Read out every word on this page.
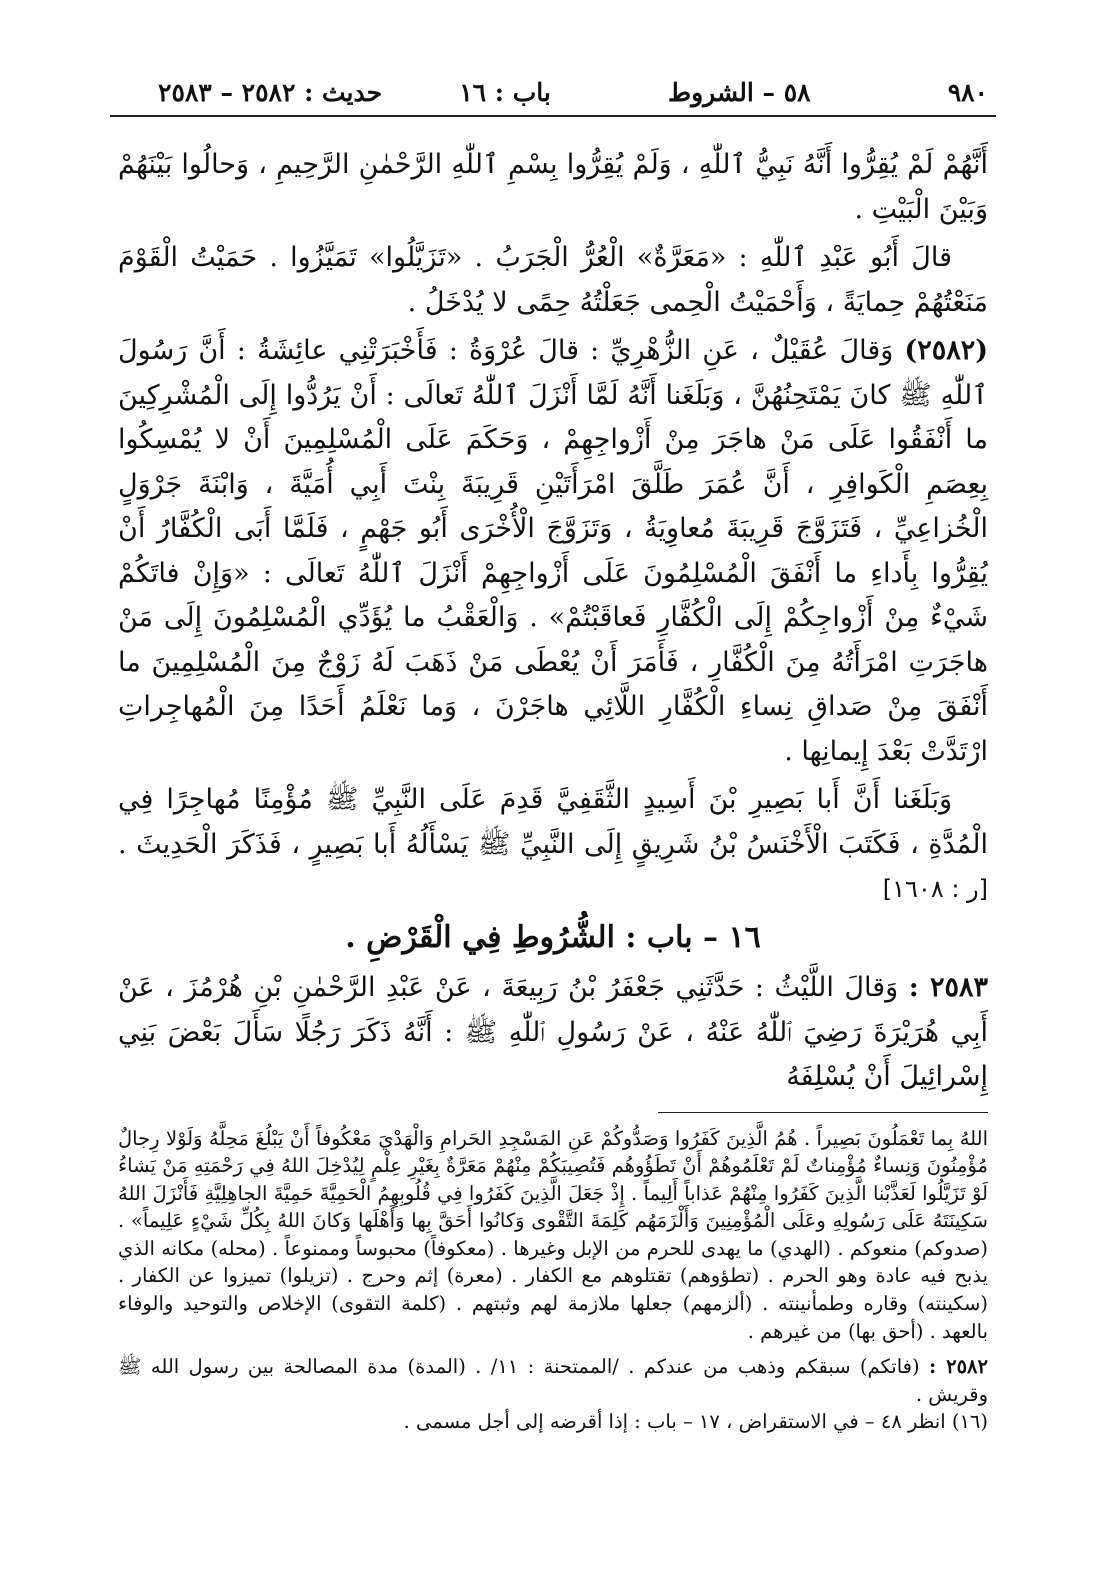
٩٨٠
٥٨ – الشروط
باب : ١٦
حديث : ٢٥٨٢ – ٢٥٨٣

أَنَّهُمْ لَمْ يُقِرُّوا أَنَّهُ نَبِيُّ ٱللّٰهِ ، وَلَمْ يُقِرُّوا بِسْمِ ٱللّٰهِ الرَّحْمٰنِ الرَّحِيمِ ، وَحالُوا بَيْنَهُمْ وَبَيْنَ الْبَيْتِ .

قالَ أَبُو عَبْدِ ٱللّٰهِ : «مَعَرَّةٌ» الْعُرُّ الْجَرَبُ . «تَزَيَّلُوا» تَمَيَّزُوا . حَمَيْتُ الْقَوْمَ مَنَعْتُهُمْ حِمايَةً ، وَأَحْمَيْتُ الْحِمى جَعَلْتُهُ حِمًى لا يُدْخَلُ .

(٢٥٨٢) وَقالَ عُقَيْلٌ ، عَنِ الزُّهْرِيِّ : قالَ عُرْوَةُ : فَأَخْبَرَتْنِي عائِشَةُ : أَنَّ رَسُولَ ٱللّٰهِ ﷺ كانَ يَمْتَحِنُهُنَّ ، وَبَلَغَنا أَنَّهُ لَمَّا أَنْزَلَ ٱللّٰهُ تَعالَى : أَنْ يَرُدُّوا إِلَى الْمُشْرِكِينَ ما أَنْفَقُوا عَلَى مَنْ هاجَرَ مِنْ أَزْواجِهِمْ ، وَحَكَمَ عَلَى الْمُسْلِمِينَ أَنْ لا يُمْسِكُوا بِعِصَمِ الْكَوافِرِ ، أَنَّ عُمَرَ طَلَّقَ امْرَأَتَيْنِ قَرِيبَةَ بِنْتَ أَبِي أُمَيَّةَ ، وَابْنَةَ جَرْوَلٍ الْخُزاعِيِّ ، فَتَزَوَّجَ قَرِيبَةَ مُعاوِيَةُ ، وَتَزَوَّجَ الْأُخْرَى أَبُو جَهْمٍ ، فَلَمَّا أَبَى الْكُفَّارُ أَنْ يُقِرُّوا بِأَداءِ ما أَنْفَقَ الْمُسْلِمُونَ عَلَى أَزْواجِهِمْ أَنْزَلَ ٱللّٰهُ تَعالَى : «وَإِنْ فاتَكُمْ شَيْءٌ مِنْ أَزْواجِكُمْ إِلَى الْكُفَّارِ فَعاقَبْتُمْ» . وَالْعَقْبُ ما يُؤَدِّي الْمُسْلِمُونَ إِلَى مَنْ هاجَرَتِ امْرَأَتُهُ مِنَ الْكُفَّارِ ، فَأَمَرَ أَنْ يُعْطَى مَنْ ذَهَبَ لَهُ زَوْجٌ مِنَ الْمُسْلِمِينَ ما أَنْفَقَ مِنْ صَداقِ نِساءِ الْكُفَّارِ اللَّائِي هاجَرْنَ ، وَما نَعْلَمُ أَحَدًا مِنَ الْمُهاجِراتِ ارْتَدَّتْ بَعْدَ إِيمانِها .

وَبَلَغَنا أَنَّ أَبا بَصِيرِ بْنَ أَسِيدٍ الثَّقَفِيَّ قَدِمَ عَلَى النَّبِيِّ ﷺ مُؤْمِنًا مُهاجِرًا فِي الْمُدَّةِ ، فَكَتَبَ الْأَخْنَسُ بْنُ شَرِيقٍ إِلَى النَّبِيِّ ﷺ يَسْأَلُهُ أَبا بَصِيرٍ ، فَذَكَرَ الْحَدِيثَ . [ر : ١٦٠٨]

١٦ – باب : الشُّرُوطِ فِي الْقَرْضِ .

٢٥٨٣ : وَقالَ اللَّيْثُ : حَدَّثَنِي جَعْفَرُ بْنُ رَبِيعَةَ ، عَنْ عَبْدِ الرَّحْمٰنِ بْنِ هُرْمُزَ ، عَنْ أَبِي هُرَيْرَةَ رَضِيَ ٱللّٰهُ عَنْهُ ، عَنْ رَسُولِ ٱللّٰهِ ﷺ : أَنَّهُ ذَكَرَ رَجُلًا سَأَلَ بَعْضَ بَنِي إِسْرائِيلَ أَنْ يُسْلِفَهُ

اللهُ بِما تَعْمَلُونَ بَصِيراً . هُمُ الَّذِينَ كَفَرُوا وَصَدُّوكُمْ عَنِ المَسْجِدِ الحَرامِ وَالْهَدْيَ مَعْكُوفاً أَنْ يَبْلُغَ مَحِلَّهُ وَلَوْلا رِجالٌ مُؤْمِنُونَ وَنِساءٌ مُؤْمِناتٌ لَمْ تَعْلَمُوهُمْ أَنْ تَطَؤُوهُم فَتُصِيبَكُمْ مِنْهُمْ مَعَرَّةٌ بِغَيْرِ عِلْمٍ لِيُدْخِلَ اللهُ فِي رَحْمَتِهِ مَنْ يَشاءُ لَوْ تَزَيَّلُوا لَعَذَّبْنا الَّذِينَ كَفَرُوا مِنْهُمْ عَذاباً أَلِيماً . إِذْ جَعَلَ الَّذِينَ كَفَرُوا فِي قُلُوبِهِمُ الْحَمِيَّةَ حَمِيَّةَ الجاهِلِيَّةِ فَأَنْزَلَ اللهُ سَكِينَتَهُ عَلَى رَسُولِهِ وعَلَى الْمُؤْمِنِينَ وَأَلْزَمَهُم كَلِمَةَ التَّقْوى وَكانُوا أَحَقَّ بِها وَأَهْلَها وَكانَ اللهُ بِكُلِّ شَيْءٍ عَلِيماً» . (صدوكم) منعوكم . (الهدي) ما يهدى للحرم من الإبل وغيرها . (معكوفاً) محبوساً وممنوعاً . (محله) مكانه الذي يذبح فيه عادة وهو الحرم . (تطؤوهم) تقتلوهم مع الكفار . (معرة) إثم وحرج . (تزيلوا) تميزوا عن الكفار . (سكينته) وقاره وطمأنينته . (ألزمهم) جعلها ملازمة لهم وثبتهم . (كلمة التقوى) الإخلاص والتوحيد والوفاء بالعهد . (أحق بها) من غيرهم .

٢٥٨٢ : (فاتكم) سبقكم وذهب من عندكم . /الممتحنة : ١١/ . (المدة) مدة المصالحة بين رسول الله ﷺ وقريش .

(١٦) انظر ٤٨ – في الاستقراض ، ١٧ – باب : إذا أقرضه إلى أجل مسمى .
